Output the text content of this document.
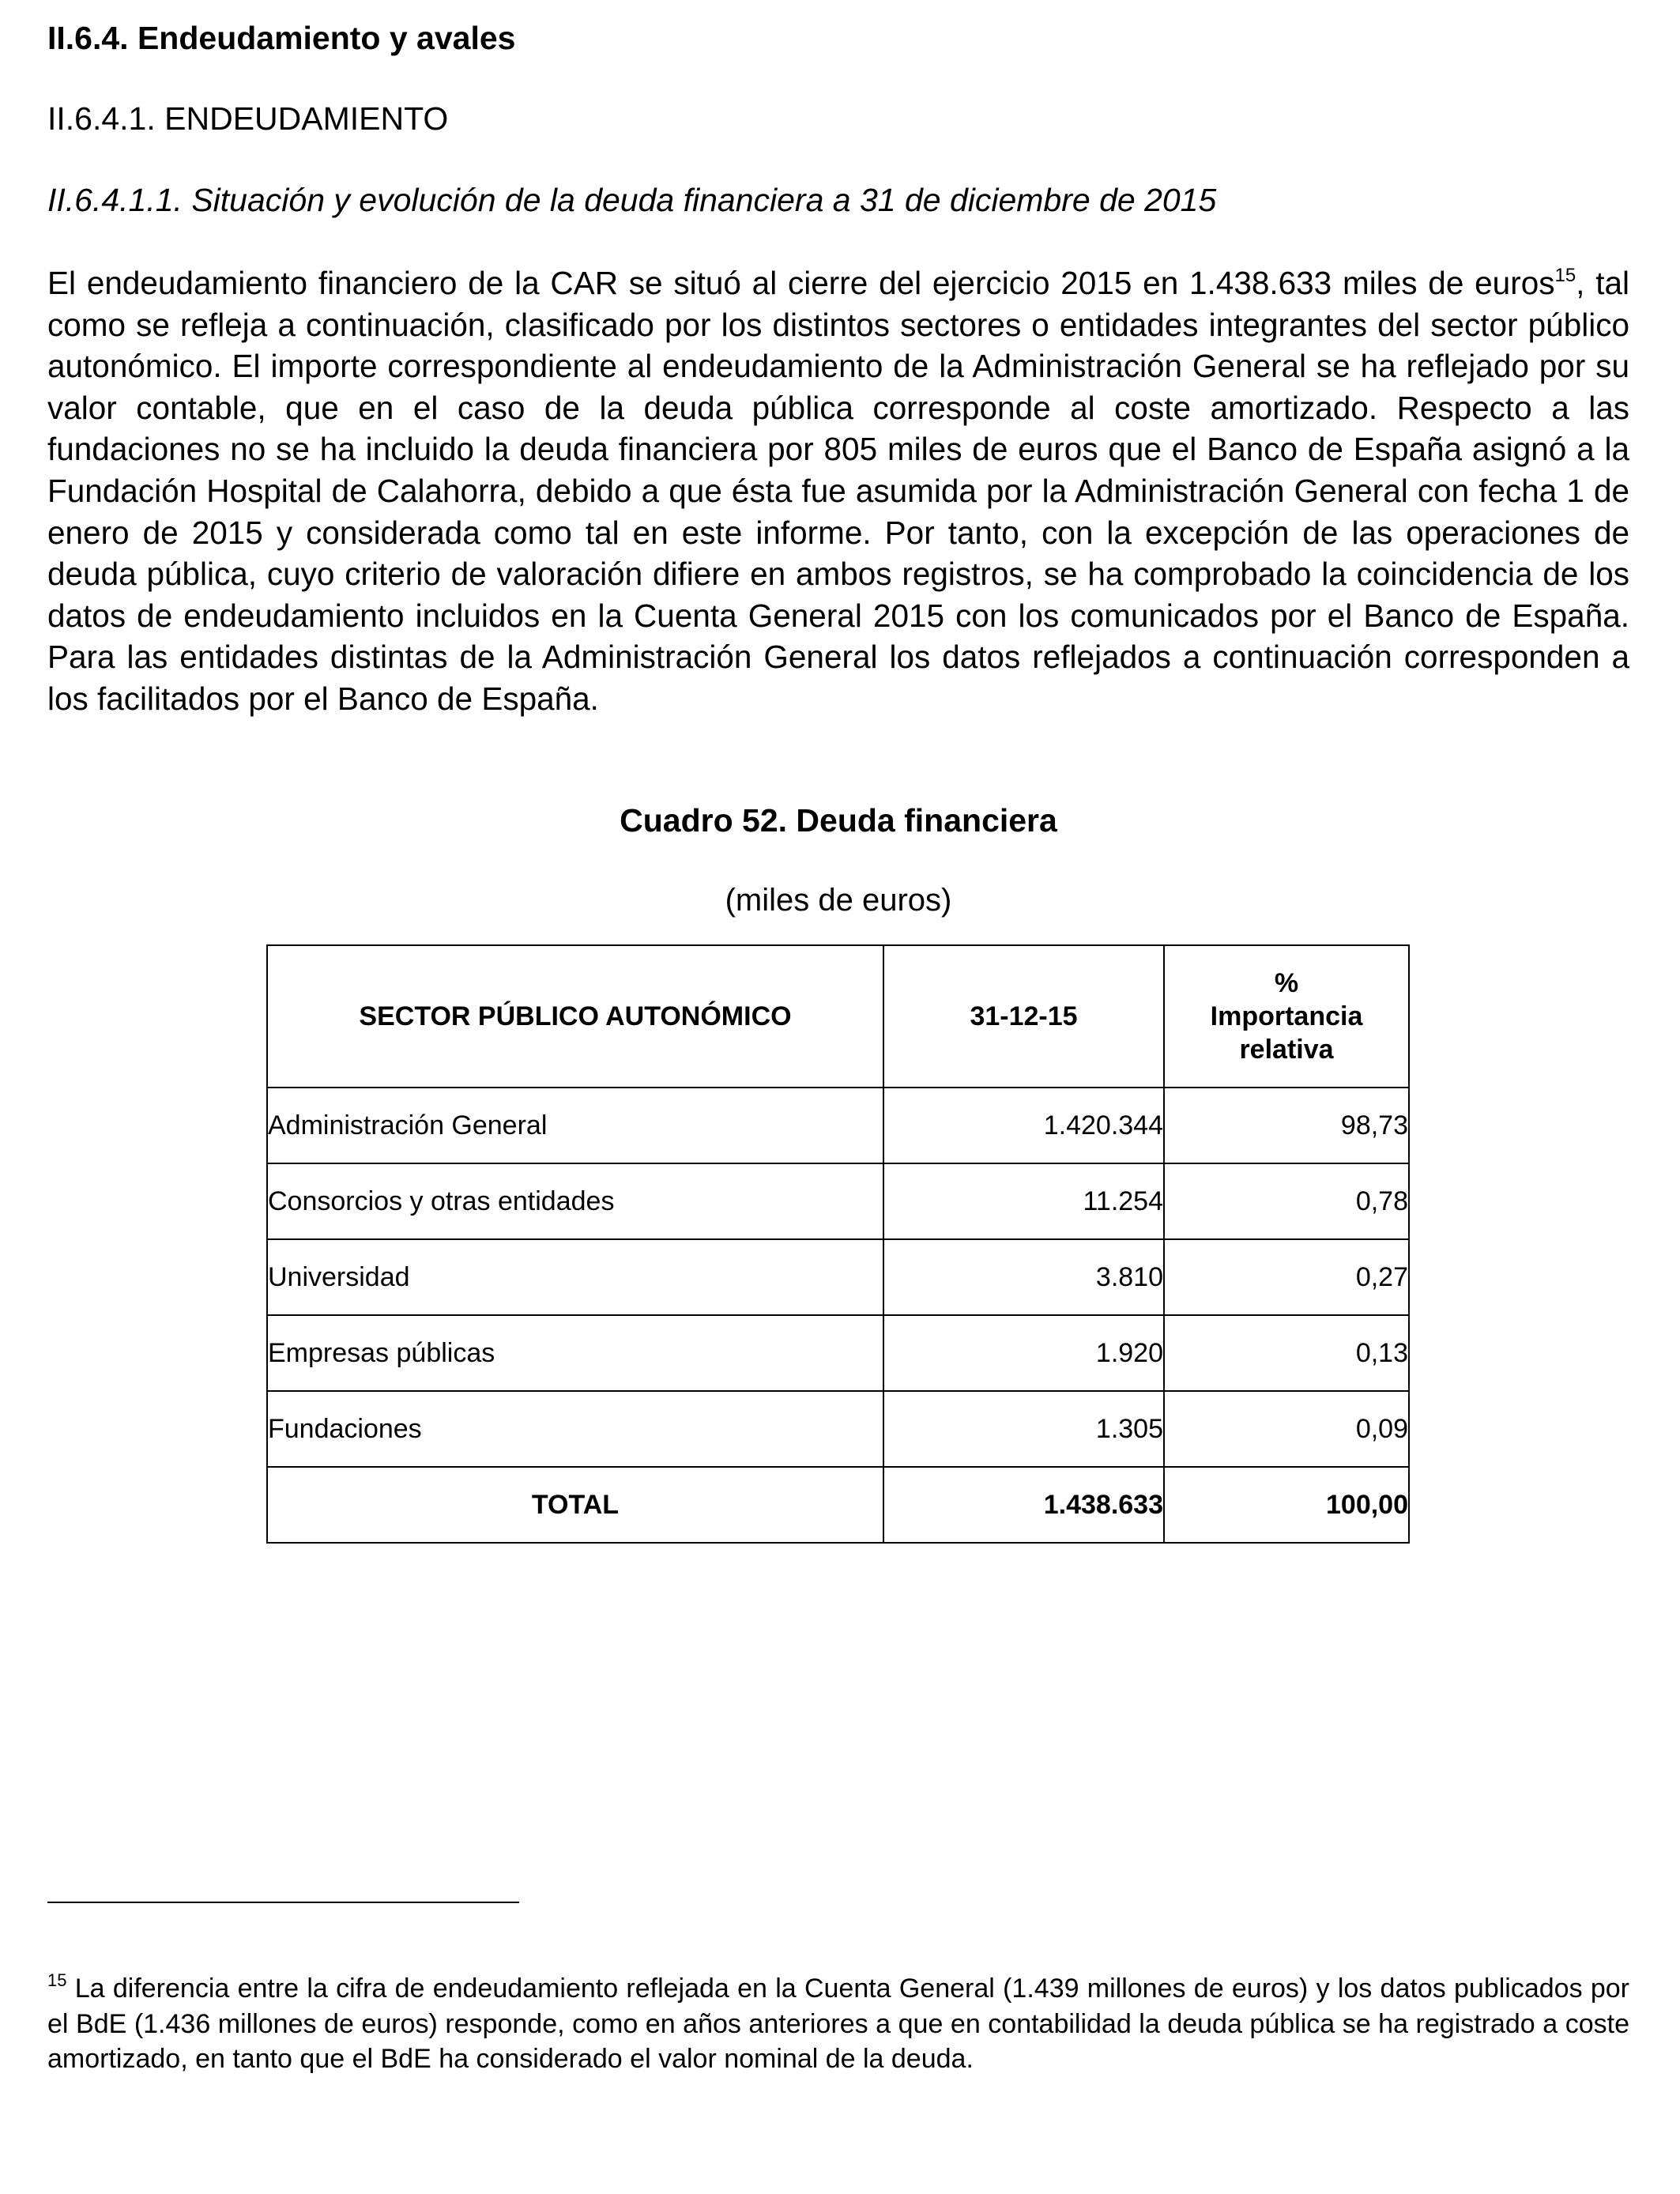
II.6.4. Endeudamiento y avales
II.6.4.1. ENDEUDAMIENTO
II.6.4.1.1. Situación y evolución de la deuda financiera a 31 de diciembre de 2015

El endeudamiento financiero de la CAR se situó al cierre del ejercicio 2015 en 1.438.633 miles de euros$^{15}$, tal como se refleja a continuación, clasificado por los distintos sectores o entidades integrantes del sector público autonómico. El importe correspondiente al endeudamiento de la Administración General se ha reflejado por su valor contable, que en el caso de la deuda pública corresponde al coste amortizado. Respecto a las fundaciones no se ha incluido la deuda financiera por 805 miles de euros que el Banco de España asignó a la Fundación Hospital de Calahorra, debido a que ésta fue asumida por la Administración General con fecha 1 de enero de 2015 y considerada como tal en este informe. Por tanto, con la excepción de las operaciones de deuda pública, cuyo criterio de valoración difiere en ambos registros, se ha comprobado la coincidencia de los datos de endeudamiento incluidos en la Cuenta General 2015 con los comunicados por el Banco de España. Para las entidades distintas de la Administración General los datos reflejados a continuación corresponden a los facilitados por el Banco de España.

Cuadro 52. Deuda financiera
(miles de euros)
SECTOR PÚBLICO AUTONÓMICO	31-12-15	%
Importancia
relativa
Administración General	1.420.344	98,73
Consorcios y otras entidades	11.254	0,78
Universidad	3.810	0,27
Empresas públicas	1.920	0,13
Fundaciones	1.305	0,09
TOTAL	1.438.633	100,00

$^{15}$ La diferencia entre la cifra de endeudamiento reflejada en la Cuenta General (1.439 millones de euros) y los datos publicados por el BdE (1.436 millones de euros) responde, como en años anteriores a que en contabilidad la deuda pública se ha registrado a coste amortizado, en tanto que el BdE ha considerado el valor nominal de la deuda.
